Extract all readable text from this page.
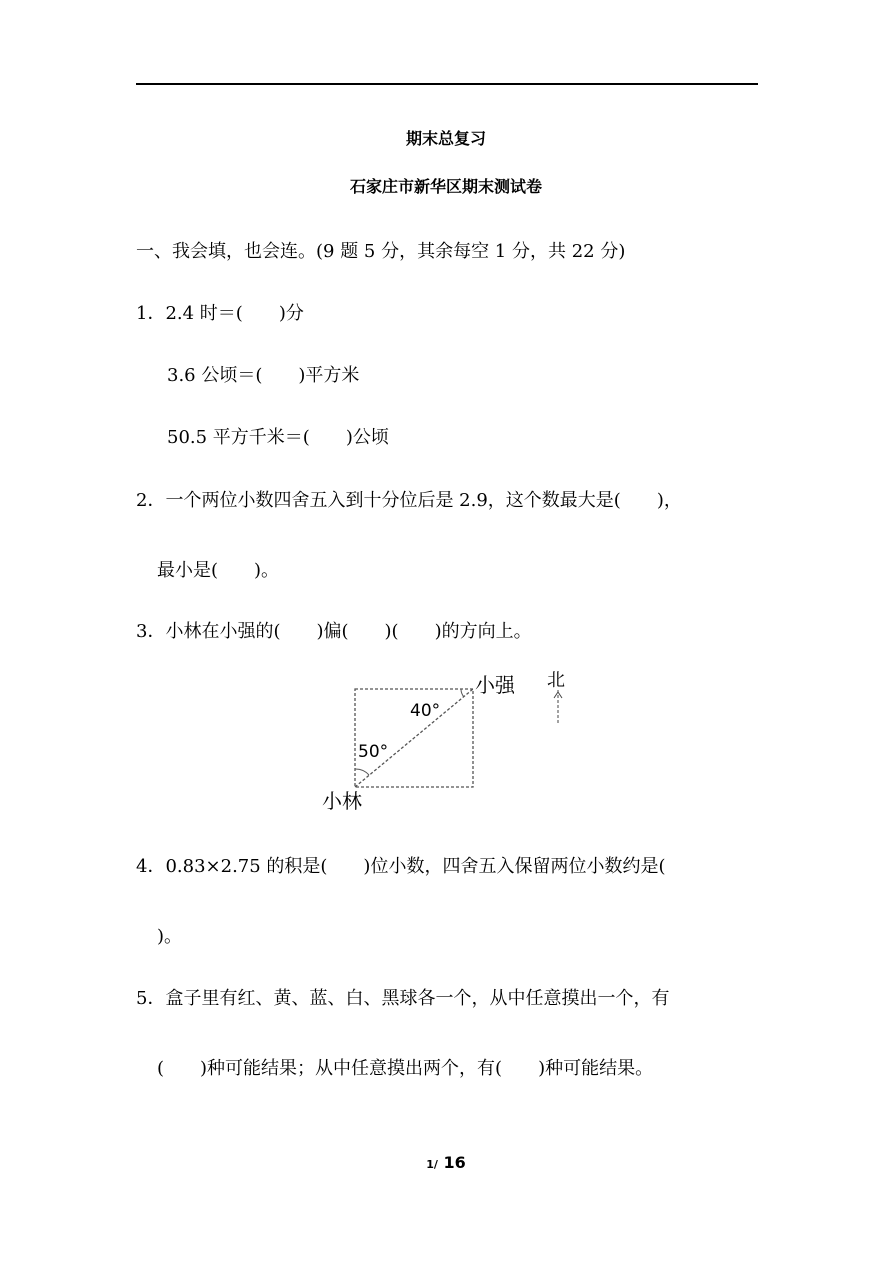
期末总复习
石家庄市新华区期末测试卷
一、我会填，也会连。(9 题 5 分，其余每空 1 分，共 22 分)
1．2.4 时＝(　　)分
3.6 公顷＝(　　)平方米
50.5 平方千米＝(　　)公顷
2．一个两位小数四舍五入到十分位后是 2.9，这个数最大是(　　)，
最小是(　　)。
3．小林在小强的(　　)偏(　　)(　　)的方向上。
小强 北
40°
50°
小林
4．0.83×2.75 的积是(　　)位小数，四舍五入保留两位小数约是(
)。
5．盒子里有红、黄、蓝、白、黑球各一个，从中任意摸出一个，有
(　　)种可能结果；从中任意摸出两个，有(　　)种可能结果。
1/ 16
